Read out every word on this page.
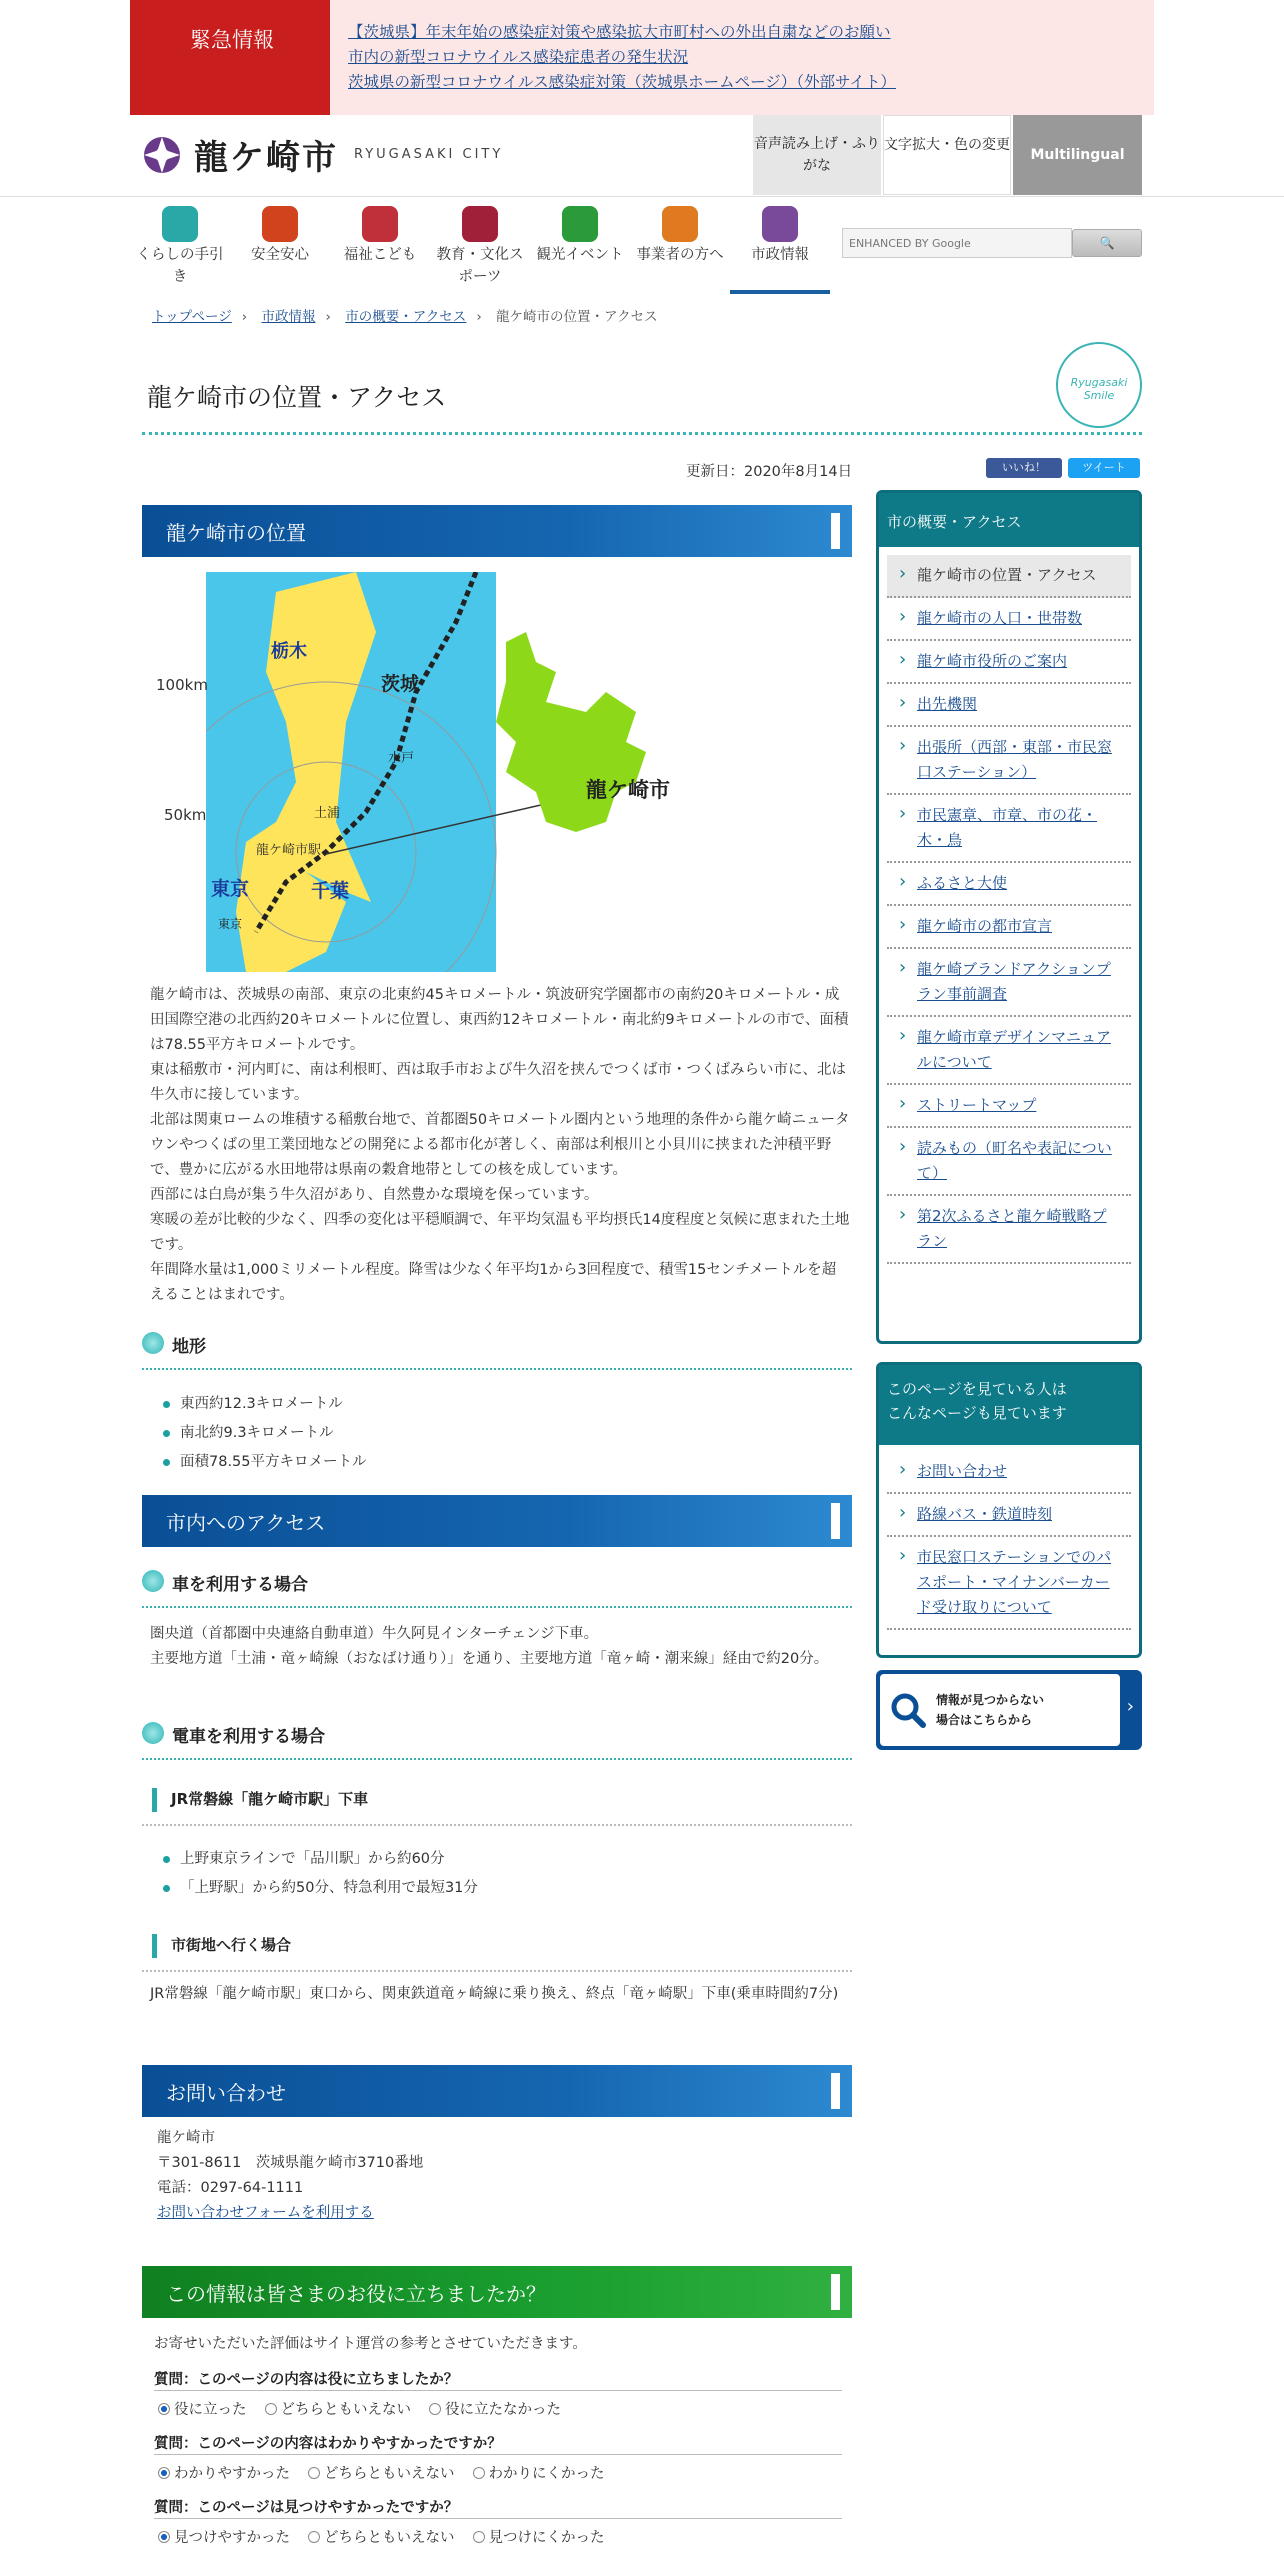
緊急情報	【茨城県】年末年始の感染症対策や感染拡大市町村への外出自粛などのお願い
市内の新型コロナウイルス感染症患者の発生状況
茨城県の新型コロナウイルス感染症対策（茨城県ホームページ）（外部サイト）
龍ケ崎市 RYUGASAKI CITY
音声読み上げ・ふりがな
文字拡大・色の変更
Multilingual
くらしの手引き
安全安心	福祉こども	教育・文化スポーツ
観光イベント 事業者の方へ	市政情報
ENHANCED BY Google	🔍
トップページ › 市政情報 › 市の概要・アクセス › 龍ケ崎市の位置・アクセス
龍ケ崎市の位置・アクセス
Ryugasaki Smile
更新日：2020年8月14日	いいね！	ツイート
龍ケ崎市の位置
栃木
茨城
水戸
土浦
龍ケ崎市駅
東京
東京
千葉
龍ケ崎市
100km
50km

龍ケ崎市は、茨城県の南部、東京の北東約45キロメートル・筑波研究学園都市の南約20キロメートル・成田国際空港の北西約20キロメートルに位置し、東西約12キロメートル・南北約9キロメートルの市で、面積は78.55平方キロメートルです。

東は稲敷市・河内町に、南は利根町、西は取手市および牛久沼を挟んでつくば市・つくばみらい市に、北は牛久市に接しています。

北部は関東ロームの堆積する稲敷台地で、首都圏50キロメートル圏内という地理的条件から龍ケ崎ニュータウンやつくばの里工業団地などの開発による都市化が著しく、南部は利根川と小貝川に挟まれた沖積平野で、豊かに広がる水田地帯は県南の穀倉地帯としての核を成しています。

西部には白鳥が集う牛久沼があり、自然豊かな環境を保っています。

寒暖の差が比較的少なく、四季の変化は平穏順調で、年平均気温も平均摂氏14度程度と気候に恵まれた土地です。

年間降水量は1,000ミリメートル程度。降雪は少なく年平均1から3回程度で、積雪15センチメートルを超えることはまれです。

地形
東西約12.3キロメートル
南北約9.3キロメートル
面積78.55平方キロメートル
市内へのアクセス
車を利用する場合

圏央道（首都圏中央連絡自動車道）牛久阿見インターチェンジ下車。

主要地方道「土浦・竜ヶ崎線（おなばけ通り）」を通り、主要地方道「竜ヶ崎・潮来線」経由で約20分。

電車を利用する場合
JR常磐線「龍ケ崎市駅」下車
上野東京ラインで「品川駅」から約60分
「上野駅」から約50分、特急利用で最短31分
市街地へ行く場合
JR常磐線「龍ケ崎市駅」東口から、関東鉄道竜ヶ崎線に乗り換え、終点「竜ヶ崎駅」下車(乗車時間約7分)
お問い合わせ

龍ケ崎市

〒301-8611　茨城県龍ケ崎市3710番地

電話：0297-64-1111

お問い合わせフォームを利用する

この情報は皆さまのお役に立ちましたか？
お寄せいただいた評価はサイト運営の参考とさせていただきます。
質問：このページの内容は役に立ちましたか？
役に立った どちらともいえない 役に立たなかった
質問：このページの内容はわかりやすかったですか？
わかりやすかった どちらともいえない わかりにくかった
質問：このページは見つけやすかったですか？
見つけやすかった どちらともいえない 見つけにくかった
市の概要・アクセス
› 龍ケ崎市の位置・アクセス
› 龍ケ崎市の人口・世帯数
› 龍ケ崎市役所のご案内
› 出先機関
› 出張所（西部・東部・市民窓口ステーション）
› 市民憲章、市章、市の花・木・鳥
› ふるさと大使
› 龍ケ崎市の都市宣言
› 龍ケ崎ブランドアクションプラン事前調査
› 龍ケ崎市章デザインマニュアルについて
› ストリートマップ
› 読みもの（町名や表記について）
› 第2次ふるさと龍ケ崎戦略プラン
このページを見ている人は
こんなページも見ています
› お問い合わせ
› 路線バス・鉄道時刻
› 市民窓口ステーションでのパスポート・マイナンバーカード受け取りについて
情報が見つからない
場合はこちらから
›
